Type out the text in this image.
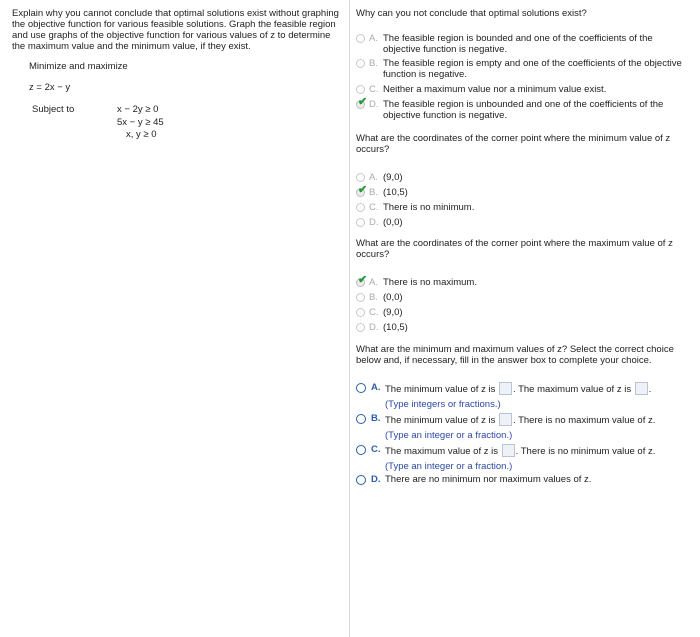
Explain why you cannot conclude that optimal solutions exist without graphing the objective function for various feasible solutions. Graph the feasible region and use graphs of the objective function for various values of z to determine the maximum value and the minimum value, if they exist.
Minimize and maximize
z = 2x − y
Subject to	x − 2y ≥ 0
5x − y ≥ 45
x, y ≥ 0
Why can you not conclude that optimal solutions exist?
A. The feasible region is bounded and one of the coefficients of the objective function is negative.
B. The feasible region is empty and one of the coefficients of the objective function is negative.
C. Neither a maximum value nor a minimum value exist.
✔ D. The feasible region is unbounded and one of the coefficients of the objective function is negative.
What are the coordinates of the corner point where the minimum value of z occurs?
A. (9,0)
✔ B. (10,5)
C. There is no minimum.
D. (0,0)
What are the coordinates of the corner point where the maximum value of z occurs?
✔ A. There is no maximum.
B. (0,0)
C. (9,0)
D. (10,5)
What are the minimum and maximum values of z? Select the correct choice below and, if necessary, fill in the answer box to complete your choice.
A. The minimum value of z is . The maximum value of z is .
(Type integers or fractions.)
B. The minimum value of z is . There is no maximum value of z.
(Type an integer or a fraction.)
C. The maximum value of z is . There is no minimum value of z.
(Type an integer or a fraction.)
D. There are no minimum nor maximum values of z.
